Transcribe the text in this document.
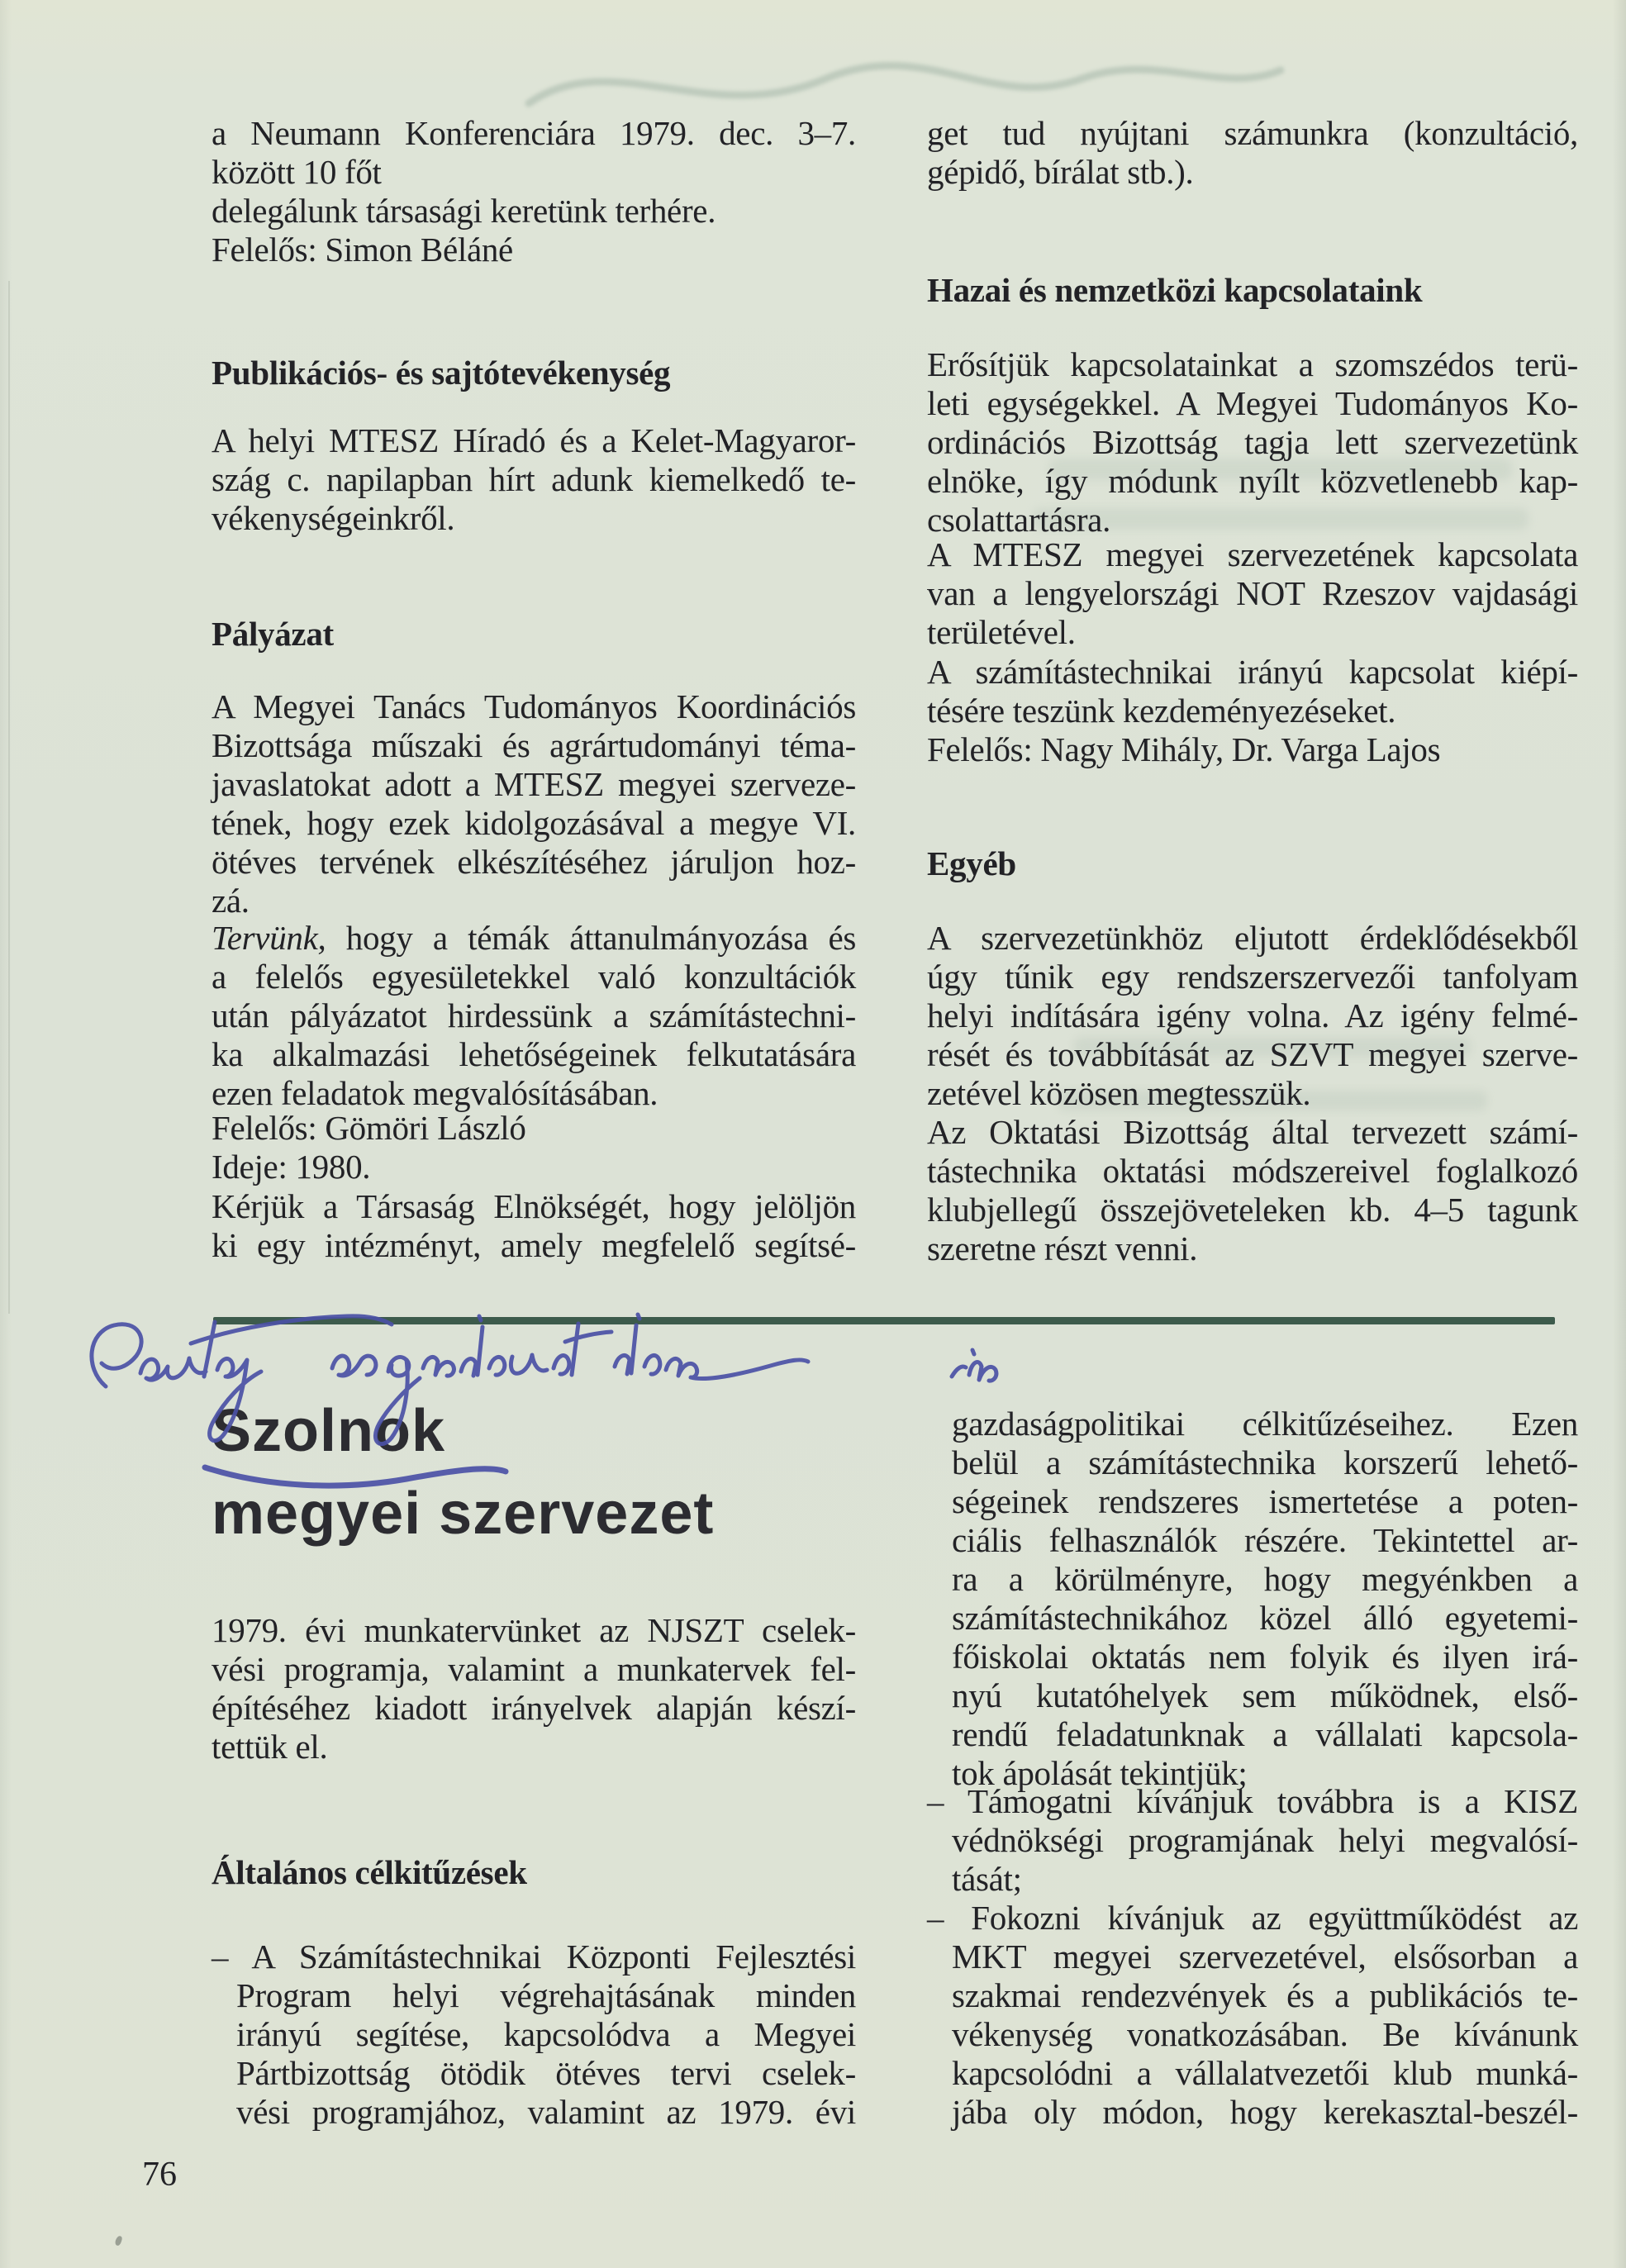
a Neumann Konferenciára 1979. dec. 3–7.
között 10 főt
delegálunk társasági keretünk terhére.
Felelős: Simon Béláné
Publikációs- és sajtótevékenység
A helyi MTESZ Híradó és a Kelet-Magyaror-
szág c. napilapban hírt adunk kiemelkedő te-
vékenységeinkről.
Pályázat
A Megyei Tanács Tudományos Koordinációs
Bizottsága műszaki és agrártudományi téma-
javaslatokat adott a MTESZ megyei szerveze-
tének, hogy ezek kidolgozásával a megye VI.
ötéves tervének elkészítéséhez járuljon hoz-
zá.
Tervünk, hogy a témák áttanulmányozása és
a felelős egyesületekkel való konzultációk
után pályázatot hirdessünk a számítástechni-
ka alkalmazási lehetőségeinek felkutatására
ezen feladatok megvalósításában.
Felelős: Gömöri László
Ideje: 1980.
Kérjük a Társaság Elnökségét, hogy jelöljön
ki egy intézményt, amely megfelelő segítsé-
get tud nyújtani számunkra (konzultáció,
gépidő, bírálat stb.).
Hazai és nemzetközi kapcsolataink
Erősítjük kapcsolatainkat a szomszédos terü-
leti egységekkel. A Megyei Tudományos Ko-
ordinációs Bizottság tagja lett szervezetünk
elnöke, így módunk nyílt közvetlenebb kap-
csolattartásra.
A MTESZ megyei szervezetének kapcsolata
van a lengyelországi NOT Rzeszov vajdasági
területével.
A számítástechnikai irányú kapcsolat kiépí-
tésére teszünk kezdeményezéseket.
Felelős: Nagy Mihály, Dr. Varga Lajos
Egyéb
A szervezetünkhöz eljutott érdeklődésekből
úgy tűnik egy rendszerszervezői tanfolyam
helyi indítására igény volna. Az igény felmé-
rését és továbbítását az SZVT megyei szerve-
zetével közösen megtesszük.
Az Oktatási Bizottság által tervezett számí-
tástechnika oktatási módszereivel foglalkozó
klubjellegű összejöveteleken kb. 4–5 tagunk
szeretne részt venni.
Szolnok
megyei szervezet
1979. évi munkatervünket az NJSZT cselek-
vési programja, valamint a munkatervek fel-
építéséhez kiadott irányelvek alapján készí-
tettük el.
Általános célkitűzések
– A Számítástechnikai Központi Fejlesztési
Program helyi végrehajtásának minden
irányú segítése, kapcsolódva a Megyei
Pártbizottság ötödik ötéves tervi cselek-
vési programjához, valamint az 1979. évi
gazdaságpolitikai célkitűzéseihez. Ezen
belül a számítástechnika korszerű lehető-
ségeinek rendszeres ismertetése a poten-
ciális felhasználók részére. Tekintettel ar-
ra a körülményre, hogy megyénkben a
számítástechnikához közel álló egyetemi-
főiskolai oktatás nem folyik és ilyen irá-
nyú kutatóhelyek sem működnek, első-
rendű feladatunknak a vállalati kapcsola-
tok ápolását tekintjük;
– Támogatni kívánjuk továbbra is a KISZ
védnökségi programjának helyi megvalósí-
tását;
– Fokozni kívánjuk az együttműködést az
MKT megyei szervezetével, elsősorban a
szakmai rendezvények és a publikációs te-
vékenység vonatkozásában. Be kívánunk
kapcsolódni a vállalatvezetői klub munká-
jába oly módon, hogy kerekasztal-beszél-
76
